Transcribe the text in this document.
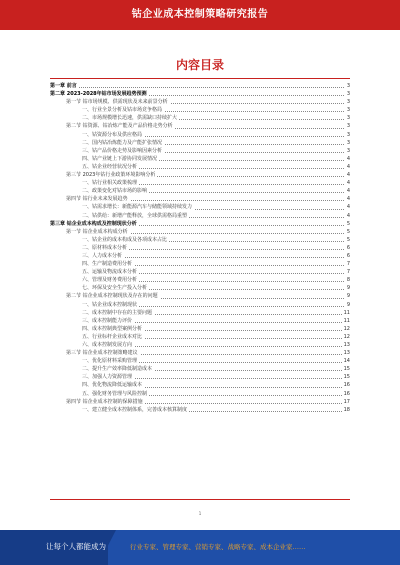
钴企业成本控制策略研究报告
内容目录
第一章 前言	3
第二章 2023-2028年钴市场发展趋势预测	3
第一节 钴市场规模、供需现状及未来前景分析	3
一、行业全景分析及钴市场竞争格局	3
二、市场规模增长迅速，供需缺口持续扩大	3
第二节 钴资源、钴冶炼产能及产品价格走势分析	3
一、钴资源分布及供应格局	3
二、国内钴冶炼能力及产能扩张情况	3
三、钴产品价格走势及影响因素分析	3
四、钴产业链上下游协同发展情况	4
五、钴企业经营状况分析	4
第三节 2023年钴行业政策环境影响分析	4
一、钴行业相关政策梳理	4
二、政策变化对钴市场的影响	4
第四节 钴行业未来发展趋势	4
一、钴需求增长：新能源汽车与储能领域持续发力	4
二、钴供给：新增产能释放，全球供需格局重塑	4
第三章 钴企业成本构成及控制现状分析	5
第一节 钴企业成本构成分析	5
一、钴企业的成本构成及各项成本占比	5
二、原材料成本分析	6
三、人力成本分析	6
四、生产制造费用分析	7
五、运输及物流成本分析	7
六、管理及财务费用分析	8
七、环保及安全生产投入分析	9
第二节 钴企业成本控制现状及存在的问题	9
一、钴企业成本控制现状	9
二、成本控制中存在的主要问题	11
三、成本控制能力评价	11
四、成本控制典型案例分析	12
五、行业标杆企业成本对比	12
六、成本控制发展方向	13
第三节 钴企业成本控制策略建议	13
一、优化原材料采购管理	14
二、提升生产效率降低制造成本	15
三、加强人力资源管理	15
四、优化物流降低运输成本	16
五、强化财务管理与风险控制	16
第四节 钴企业成本控制的保障措施	17
一、建立健全成本控制体系，完善成本核算制度	18
1
让每个人都能成为	行业专家、管理专家、营销专家、战略专家、成本企业家……
